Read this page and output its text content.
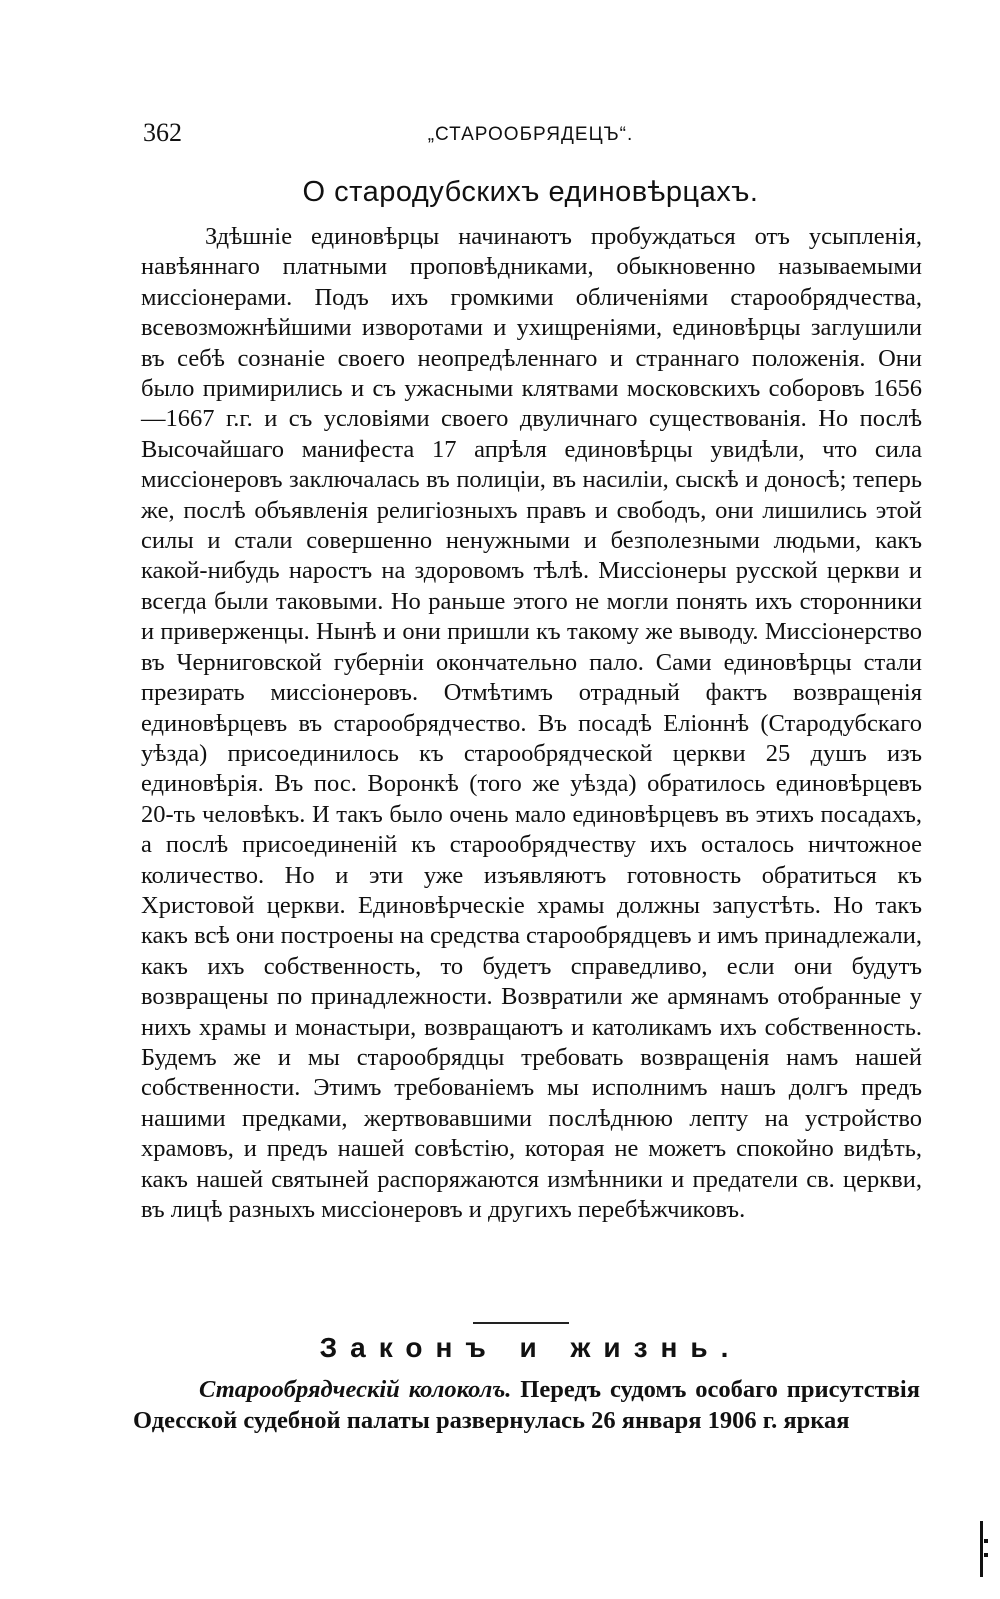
362	„СТАРООБРЯДЕЦЪ“.
О стародубскихъ единовѣрцахъ.

Здѣшніе единовѣрцы начинаютъ пробуждаться отъ усыпленія, навѣяннаго платными проповѣдниками, обыкновенно называемыми миссіонерами. Подъ ихъ громкими обличеніями старообрядчества, всевозможнѣйшими изворотами и ухищреніями, единовѣрцы заглушили въ себѣ сознаніе своего неопредѣленнаго и страннаго положенія. Они было примирились и съ ужасными клятвами московскихъ соборовъ 1656—1667 г.г. и съ условіями своего двуличнаго существованія. Но послѣ Высочайшаго манифеста 17 апрѣля единовѣрцы увидѣли, что сила миссіонеровъ заключалась въ полиціи, въ насиліи, сыскѣ и доносѣ; теперь же, послѣ объявленія религіозныхъ правъ и свободъ, они лишились этой силы и стали совершенно ненужными и безполезными людьми, какъ какой-нибудь наростъ на здоровомъ тѣлѣ. Миссіонеры русской церкви и всегда были таковыми. Но раньше этого не могли понять ихъ сторонники и приверженцы. Нынѣ и они пришли къ такому же выводу. Миссіонерство въ Черниговской губерніи окончательно пало. Сами единовѣрцы стали презирать миссіонеровъ. Отмѣтимъ отрадный фактъ возвращенія единовѣрцевъ въ старообрядчество. Въ посадѣ Еліоннѣ (Стародубскаго уѣзда) присоединилось къ старообрядческой церкви 25 душъ изъ единовѣрія. Въ пос. Воронкѣ (того же уѣзда) обратилось единовѣрцевъ 20-ть человѣкъ. И такъ было очень мало единовѣрцевъ въ этихъ посадахъ, а послѣ присоединеній къ старообрядчеству ихъ осталось ничтожное количество. Но и эти уже изъявляютъ готовность обратиться къ Христовой церкви. Единовѣрческіе храмы должны запустѣть. Но такъ какъ всѣ они построены на средства старообрядцевъ и имъ принадлежали, какъ ихъ собственность, то будетъ справедливо, если они будутъ возвращены по принадлежности. Возвратили же армянамъ отобранные у нихъ храмы и монастыри, возвращаютъ и католикамъ ихъ собственность. Будемъ же и мы старообрядцы требовать возвращенія намъ нашей собственности. Этимъ требованіемъ мы исполнимъ нашъ долгъ предъ нашими предками, жертвовавшими послѣднюю лепту на устройство храмовъ, и предъ нашей совѣстію, которая не можетъ спокойно видѣть, какъ нашей святыней распоряжаются измѣнники и предатели св. церкви, въ лицѣ разныхъ миссіонеровъ и другихъ перебѣжчиковъ.

Законъ и жизнь.

Старообрядческій колоколъ. Передъ судомъ особаго присутствія Одесской судебной палаты развернулась 26 января 1906 г. яркая
